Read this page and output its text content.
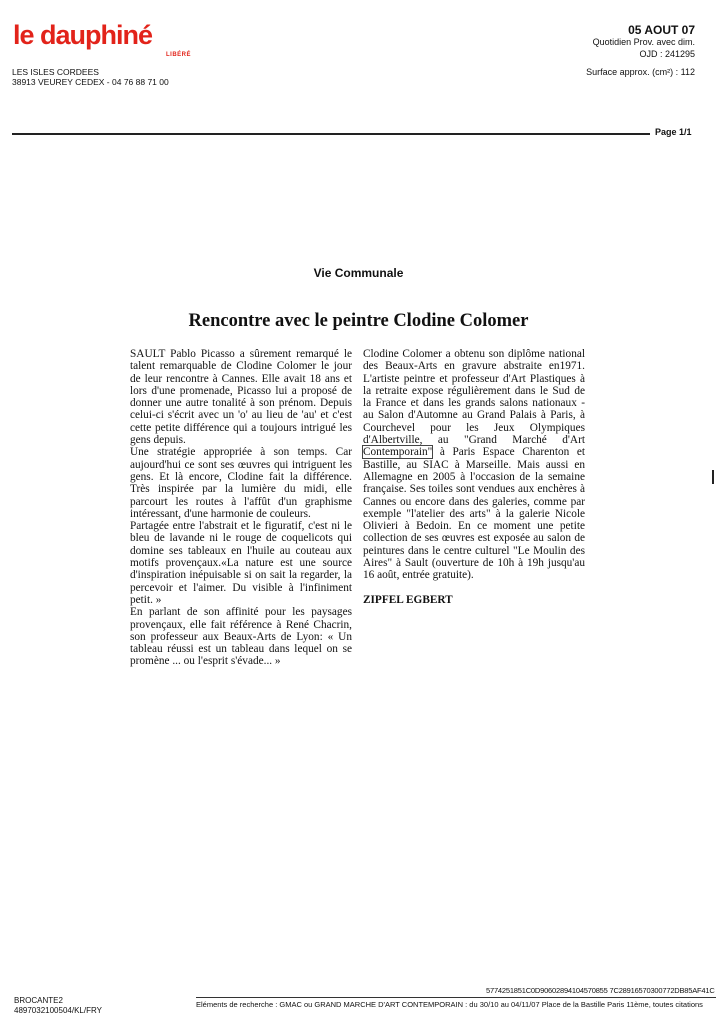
le dauphiné
LIBÉRÉ
LES ISLES CORDEES
38913 VEUREY CEDEX - 04 76 88 71 00
05 AOUT 07
Quotidien Prov. avec dim.
OJD : 241295
Surface approx. (cm²) : 112
Page 1/1
Vie Communale
Rencontre avec le peintre Clodine Colomer

SAULT Pablo Picasso a sûrement remarqué le talent remarquable de Clodine Colomer le jour de leur rencontre à Cannes. Elle avait 18 ans et lors d'une promenade, Picasso lui a proposé de donner une autre tonalité à son prénom. Depuis celui-ci s'écrit avec un 'o' au lieu de 'au' et c'est cette petite différence qui a toujours intrigué les gens depuis.

Une stratégie appropriée à son temps. Car aujourd'hui ce sont ses œuvres qui intriguent les gens. Et là encore, Clodine fait la différence. Très inspirée par la lumière du midi, elle parcourt les routes à l'affût d'un graphisme intéressant, d'une harmonie de couleurs.

Partagée entre l'abstrait et le figuratif, c'est ni le bleu de lavande ni le rouge de coquelicots qui domine ses tableaux en l'huile au couteau aux motifs provençaux.«La nature est une source d'inspiration inépuisable si on sait la regarder, la percevoir et l'aimer. Du visible à l'infiniment petit. »

En parlant de son affinité pour les paysages provençaux, elle fait référence à René Chacrin, son professeur aux Beaux-Arts de Lyon: « Un tableau réussi est un tableau dans lequel on se promène ... ou l'esprit s'évade... »

Clodine Colomer a obtenu son diplôme national des Beaux-Arts en gravure abstraite en1971. L'artiste peintre et professeur d'Art Plastiques à la retraite expose régulièrement dans le Sud de la France et dans les grands salons nationaux - au Salon d'Automne au Grand Palais à Paris, à Courchevel pour les Jeux Olympiques d'Albertville, au "Grand Marché d'Art Contemporain" à Paris Espace Charenton et Bastille, au SIAC à Marseille. Mais aussi en Allemagne en 2005 à l'occasion de la semaine française. Ses toiles sont vendues aux enchères à Cannes ou encore dans des galeries, comme par exemple "l'atelier des arts" à la galerie Nicole Olivieri à Bedoin. En ce moment une petite collection de ses œuvres est exposée au salon de peintures dans le centre culturel "Le Moulin des Aires" à Sault (ouverture de 10h à 19h jusqu'au 16 août, entrée gratuite).

ZIPFEL EGBERT

BROCANTE2
4897032100504/KL/FRY
5774251851C0D90602894104570855 7C28916570300772DB85AF41C
Eléments de recherche : GMAC ou GRAND MARCHE D'ART CONTEMPORAIN : du 30/10 au 04/11/07 Place de la Bastille Paris 11ème, toutes citations
